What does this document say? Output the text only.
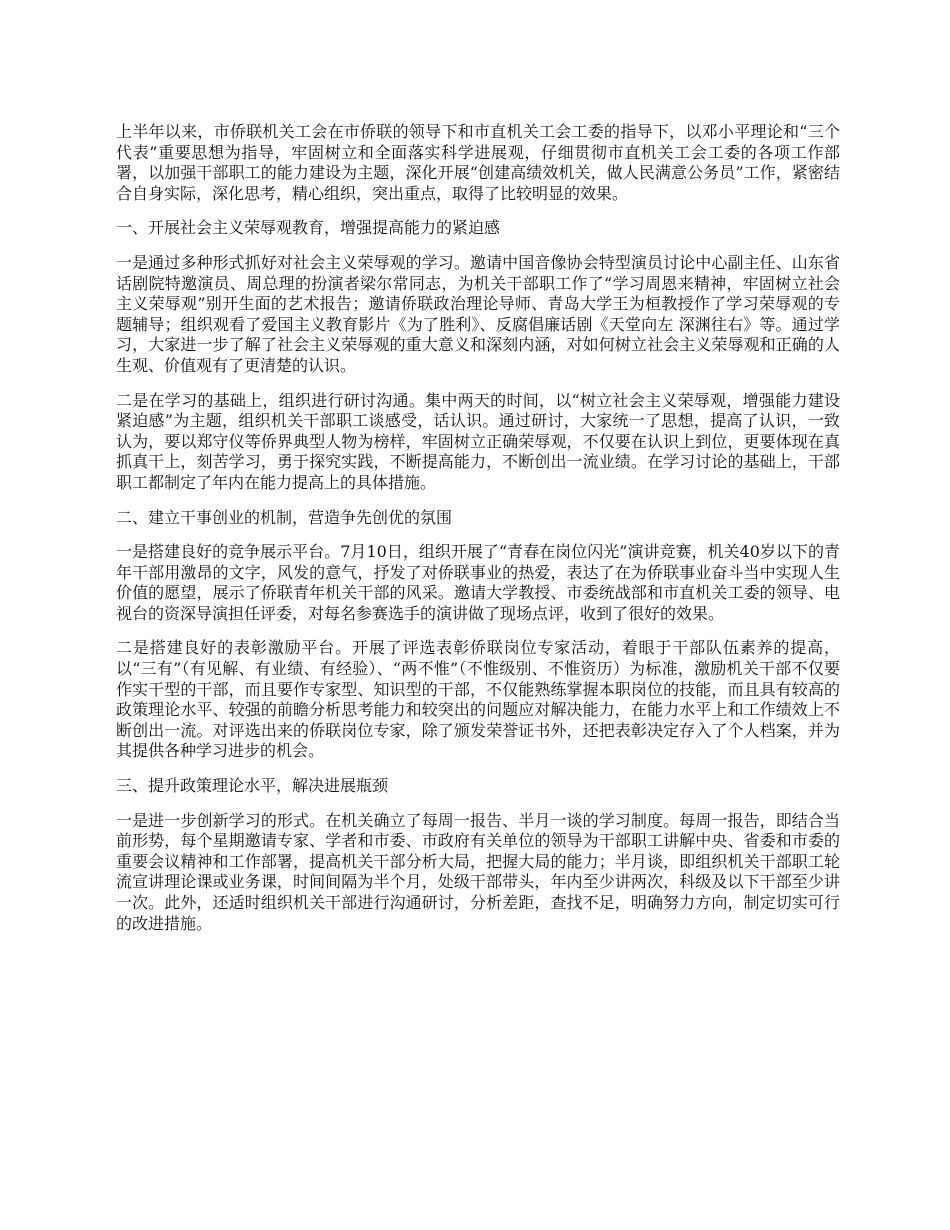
上半年以来，市侨联机关工会在市侨联的领导下和市直机关工会工委的指导下，以邓小平理论和“三个代表”重要思想为指导，牢固树立和全面落实科学进展观，仔细贯彻市直机关工会工委的各项工作部署，以加强干部职工的能力建设为主题，深化开展“创建高绩效机关，做人民满意公务员”工作，紧密结合自身实际，深化思考，精心组织，突出重点，取得了比较明显的效果。

一、开展社会主义荣辱观教育，增强提高能力的紧迫感

一是通过多种形式抓好对社会主义荣辱观的学习。邀请中国音像协会特型演员讨论中心副主任、山东省话剧院特邀演员、周总理的扮演者梁尔常同志，为机关干部职工作了“学习周恩来精神，牢固树立社会主义荣辱观”别开生面的艺术报告；邀请侨联政治理论导师、青岛大学王为桓教授作了学习荣辱观的专题辅导；组织观看了爱国主义教育影片《为了胜利》、反腐倡廉话剧《天堂向左 深渊往右》等。通过学习，大家进一步了解了社会主义荣辱观的重大意义和深刻内涵，对如何树立社会主义荣辱观和正确的人生观、价值观有了更清楚的认识。

二是在学习的基础上，组织进行研讨沟通。集中两天的时间，以“树立社会主义荣辱观，增强能力建设紧迫感”为主题，组织机关干部职工谈感受，话认识。通过研讨，大家统一了思想，提高了认识，一致认为，要以郑守仪等侨界典型人物为榜样，牢固树立正确荣辱观，不仅要在认识上到位，更要体现在真抓真干上，刻苦学习，勇于探究实践，不断提高能力，不断创出一流业绩。在学习讨论的基础上，干部职工都制定了年内在能力提高上的具体措施。

二、建立干事创业的机制，营造争先创优的氛围

一是搭建良好的竞争展示平台。7月10日，组织开展了“青春在岗位闪光”演讲竞赛，机关40岁以下的青年干部用激昂的文字，风发的意气，抒发了对侨联事业的热爱，表达了在为侨联事业奋斗当中实现人生价值的愿望，展示了侨联青年机关干部的风采。邀请大学教授、市委统战部和市直机关工委的领导、电视台的资深导演担任评委，对每名参赛选手的演讲做了现场点评，收到了很好的效果。

二是搭建良好的表彰激励平台。开展了评选表彰侨联岗位专家活动，着眼于干部队伍素养的提高，以“三有”（有见解、有业绩、有经验）、“两不惟”（不惟级别、不惟资历）为标准，激励机关干部不仅要作实干型的干部，而且要作专家型、知识型的干部，不仅能熟练掌握本职岗位的技能，而且具有较高的政策理论水平、较强的前瞻分析思考能力和较突出的问题应对解决能力，在能力水平上和工作绩效上不断创出一流。对评选出来的侨联岗位专家，除了颁发荣誉证书外，还把表彰决定存入了个人档案，并为其提供各种学习进步的机会。

三、提升政策理论水平，解决进展瓶颈

一是进一步创新学习的形式。在机关确立了每周一报告、半月一谈的学习制度。每周一报告，即结合当前形势，每个星期邀请专家、学者和市委、市政府有关单位的领导为干部职工讲解中央、省委和市委的重要会议精神和工作部署，提高机关干部分析大局，把握大局的能力；半月谈，即组织机关干部职工轮流宣讲理论课或业务课，时间间隔为半个月，处级干部带头，年内至少讲两次，科级及以下干部至少讲一次。此外，还适时组织机关干部进行沟通研讨，分析差距，查找不足，明确努力方向，制定切实可行的改进措施。
